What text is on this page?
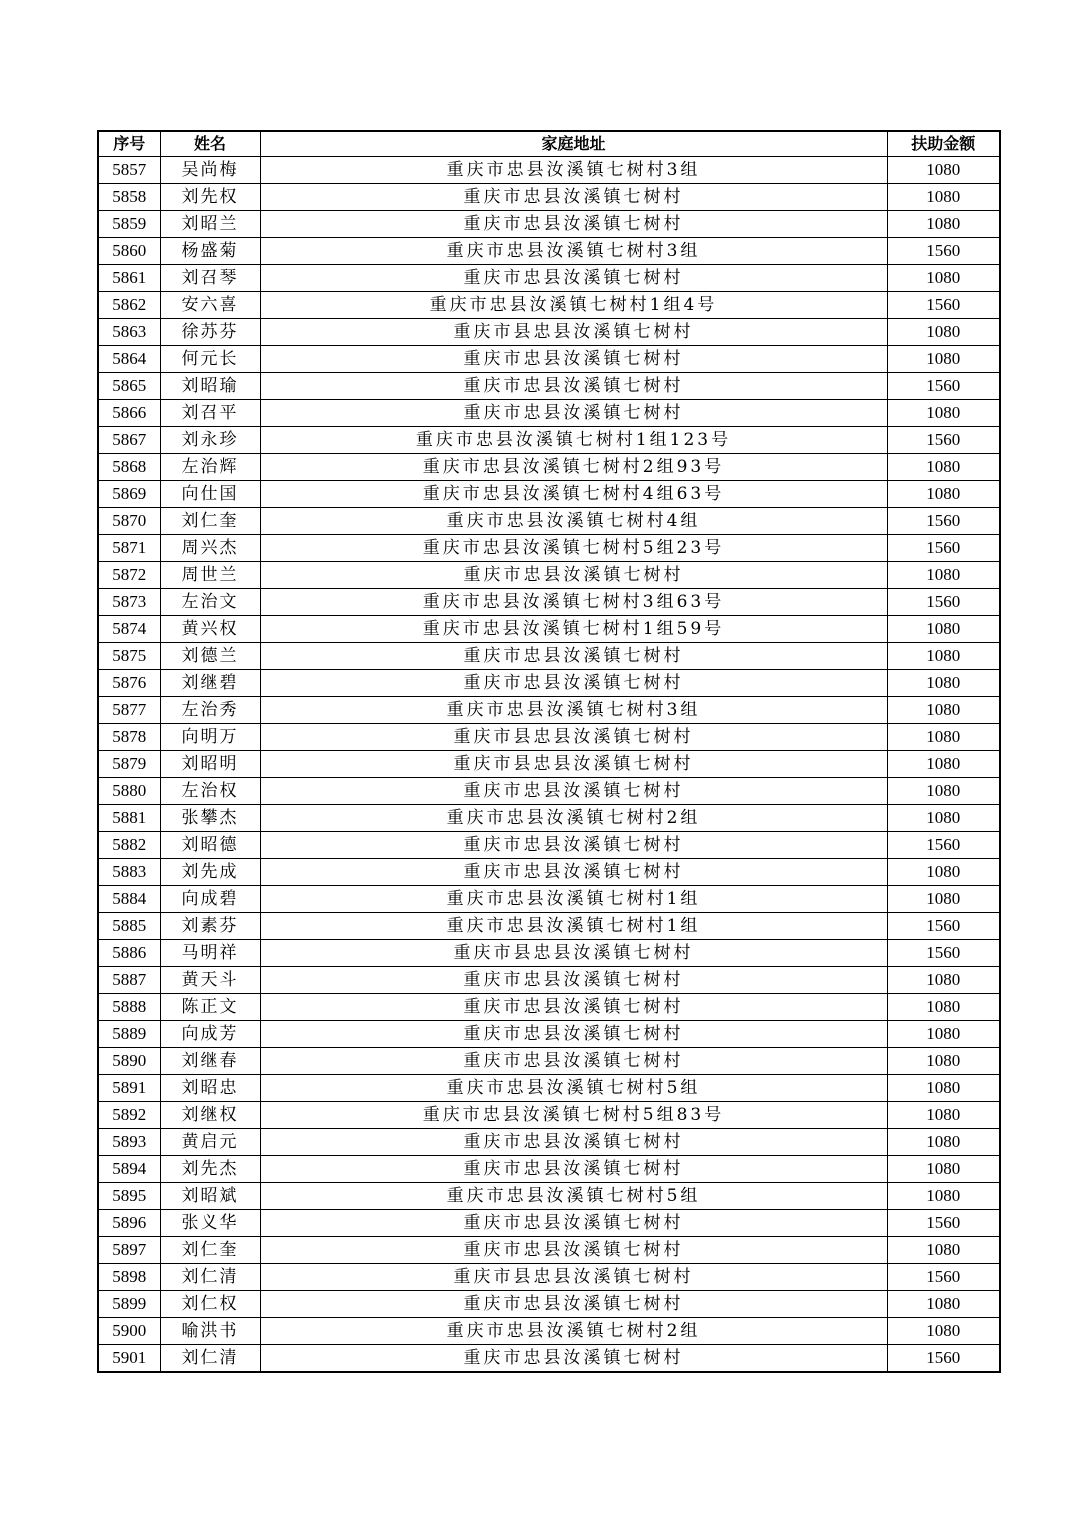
序号	姓名	家庭地址	扶助金额
5857	吴尚梅	重庆市忠县汝溪镇七树村3组	1080
5858	刘先权	重庆市忠县汝溪镇七树村	1080
5859	刘昭兰	重庆市忠县汝溪镇七树村	1080
5860	杨盛菊	重庆市忠县汝溪镇七树村3组	1560
5861	刘召琴	重庆市忠县汝溪镇七树村	1080
5862	安六喜	重庆市忠县汝溪镇七树村1组4号	1560
5863	徐苏芬	重庆市县忠县汝溪镇七树村	1080
5864	何元长	重庆市忠县汝溪镇七树村	1080
5865	刘昭瑜	重庆市忠县汝溪镇七树村	1560
5866	刘召平	重庆市忠县汝溪镇七树村	1080
5867	刘永珍	重庆市忠县汝溪镇七树村1组123号	1560
5868	左治辉	重庆市忠县汝溪镇七树村2组93号	1080
5869	向仕国	重庆市忠县汝溪镇七树村4组63号	1080
5870	刘仁奎	重庆市忠县汝溪镇七树村4组	1560
5871	周兴杰	重庆市忠县汝溪镇七树村5组23号	1560
5872	周世兰	重庆市忠县汝溪镇七树村	1080
5873	左治文	重庆市忠县汝溪镇七树村3组63号	1560
5874	黄兴权	重庆市忠县汝溪镇七树村1组59号	1080
5875	刘德兰	重庆市忠县汝溪镇七树村	1080
5876	刘继碧	重庆市忠县汝溪镇七树村	1080
5877	左治秀	重庆市忠县汝溪镇七树村3组	1080
5878	向明万	重庆市县忠县汝溪镇七树村	1080
5879	刘昭明	重庆市县忠县汝溪镇七树村	1080
5880	左治权	重庆市忠县汝溪镇七树村	1080
5881	张攀杰	重庆市忠县汝溪镇七树村2组	1080
5882	刘昭德	重庆市忠县汝溪镇七树村	1560
5883	刘先成	重庆市忠县汝溪镇七树村	1080
5884	向成碧	重庆市忠县汝溪镇七树村1组	1080
5885	刘素芬	重庆市忠县汝溪镇七树村1组	1560
5886	马明祥	重庆市县忠县汝溪镇七树村	1560
5887	黄天斗	重庆市忠县汝溪镇七树村	1080
5888	陈正文	重庆市忠县汝溪镇七树村	1080
5889	向成芳	重庆市忠县汝溪镇七树村	1080
5890	刘继春	重庆市忠县汝溪镇七树村	1080
5891	刘昭忠	重庆市忠县汝溪镇七树村5组	1080
5892	刘继权	重庆市忠县汝溪镇七树村5组83号	1080
5893	黄启元	重庆市忠县汝溪镇七树村	1080
5894	刘先杰	重庆市忠县汝溪镇七树村	1080
5895	刘昭斌	重庆市忠县汝溪镇七树村5组	1080
5896	张义华	重庆市忠县汝溪镇七树村	1560
5897	刘仁奎	重庆市忠县汝溪镇七树村	1080
5898	刘仁清	重庆市县忠县汝溪镇七树村	1560
5899	刘仁权	重庆市忠县汝溪镇七树村	1080
5900	喻洪书	重庆市忠县汝溪镇七树村2组	1080
5901	刘仁清	重庆市忠县汝溪镇七树村	1560
